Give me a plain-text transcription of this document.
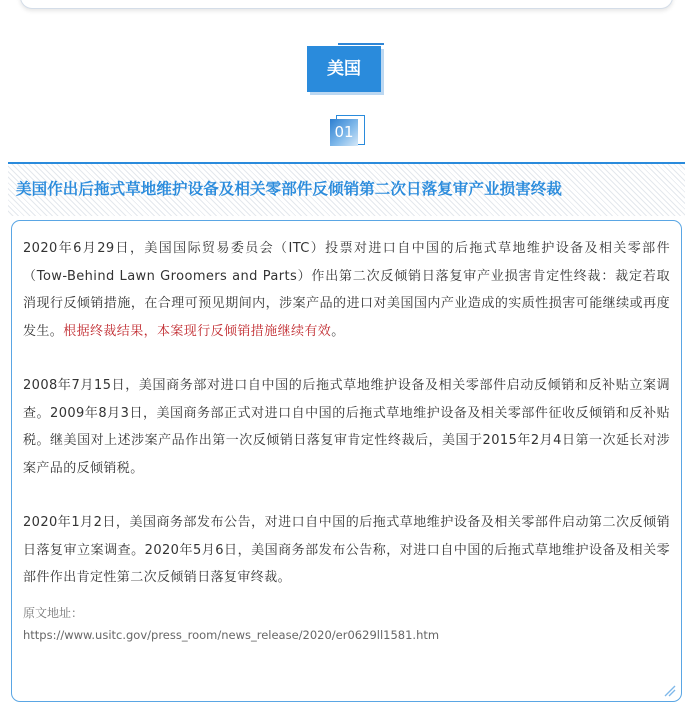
美国
01
美国作出后拖式草地维护设备及相关零部件反倾销第二次日落复审产业损害终裁

2020年6月29日，美国国际贸易委员会（ITC）投票对进口自中国的后拖式草地维护设备及相关零部件（Tow-Behind Lawn Groomers and Parts）作出第二次反倾销日落复审产业损害肯定性终裁：裁定若取消现行反倾销措施，在合理可预见期间内，涉案产品的进口对美国国内产业造成的实质性损害可能继续或再度发生。根据终裁结果，本案现行反倾销措施继续有效。

2008年7月15日，美国商务部对进口自中国的后拖式草地维护设备及相关零部件启动反倾销和反补贴立案调查。2009年8月3日，美国商务部正式对进口自中国的后拖式草地维护设备及相关零部件征收反倾销和反补贴税。继美国对上述涉案产品作出第一次反倾销日落复审肯定性终裁后，美国于2015年2月4日第一次延长对涉案产品的反倾销税。

2020年1月2日，美国商务部发布公告，对进口自中国的后拖式草地维护设备及相关零部件启动第二次反倾销日落复审立案调查。2020年5月6日，美国商务部发布公告称，对进口自中国的后拖式草地维护设备及相关零部件作出肯定性第二次反倾销日落复审终裁。

原文地址：
https://www.usitc.gov/press_room/news_release/2020/er0629ll1581.htm
